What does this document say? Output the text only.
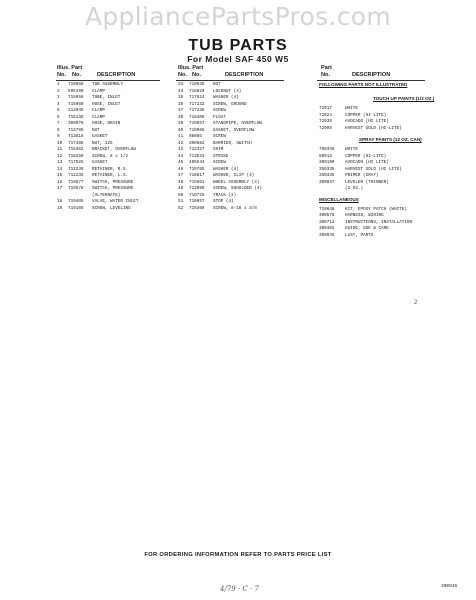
AppliancePartsPros.com
TUB PARTS
For Model SAF 450 W5
Illus. Part
No. No.	DESCRIPTION
Illus. Part
No. No.	DESCRIPTION
Part
No.	DESCRIPTION
1	719068	TUB ASSEMBLY
2	596490	CLAMP
3	715958	TUBE, INLET
4	715960	HOSE, INLET
5	212045	CLAMP
6	716138	CLAMP
7	300076	HOSE, DRAIN
8	713799	NUT
9	713818	GASKET
10	717488	NUT, 125
11	715362	BRACKET, OVERFLOW
12	718250	SCREW, 8 x 1/2
13	717025	GASKET
14	712236	RETAINER, R.S.
15	712235	RETAINER, L.S.
16	719577	SWITCH, PRESSURE
17	719578	SWITCH, PRESSURE
(ALTERNATE)
18	719405	VALVE, WATER INLET
19	719168	SCREW, LEVELING
33	719035	NUT
34	718029	LOCKNUT (4)
35	717624	WASHER (4)
36	717232	SCREW, GROUND
37	717236	SCREW
38	718406	FLOAT
39	719957	STANDPIPE, OVERFLOW
40	719966	GASKET, OVERFLOW
41	98086	SCREW
42	300682	BARRIER, SWITCH
43	712327	SHIM
44	713533	STRIKE
45	405534	SCREW
46	719765	WASHER (4)
47	716817	WASHER, CLIP (4)
48	715661	WHEEL ASSEMBLY (4)
49	713099	SCREW, SHOULDER (4)
50	719725	TRACK (2)
51	710057	STOP (4)
52	719366	SCREW, 8-18 x 3/8
FOLLOWING PARTS NOT ILLUSTRATED
TOUCH UP PAINTS (1/2 OZ.)
72017	WHITE
72024	COPPER (HI LITE)
72035	AVOCADO (HI LITE)
72095	HARVEST GOLD (HI-LITE)
SPRAY PAINTS (12 OZ. CAN)
790345	WHITE
80913	COPPER (HI-LITE)
300190	AVOCADO (HI LITE)
350335	HARVEST GOLD (HI LITE)
350336	PRIMER (GRAY)
300947	LEVELER (THINNER)
(2 OZ.)
MISCELLANEOUS
719648	KIT, EPOXY PATCH (WHITE)
300578	HARNESS, WIRING
300712	INSTRUCTIONS, INSTALLATION
300402	GUIDE, USE & CARE
300945	LIST, PARTS
2
FOR ORDERING INFORMATION REFER TO PARTS PRICE LIST
4/79 · C · 7	300945
